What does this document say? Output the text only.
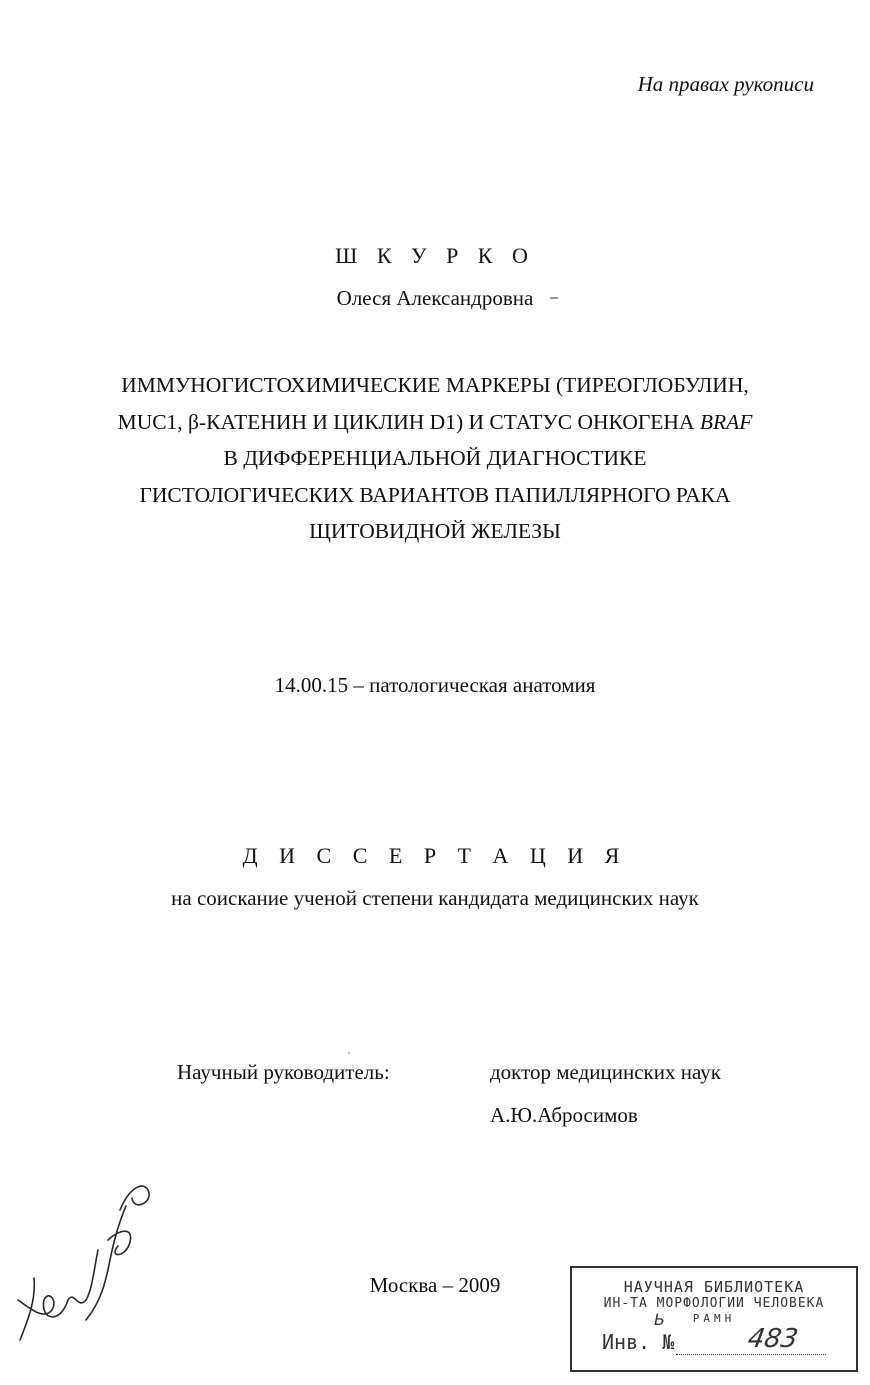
На правах рукописи
Ш К У Р К О
Олеся Александровна
ИММУНОГИСТОХИМИЧЕСКИЕ МАРКЕРЫ (ТИРЕОГЛОБУЛИН,
MUC1, β-КАТЕНИН И ЦИКЛИН D1) И СТАТУС ОНКОГЕНА BRAF
В ДИФФЕРЕНЦИАЛЬНОЙ ДИАГНОСТИКЕ
ГИСТОЛОГИЧЕСКИХ ВАРИАНТОВ ПАПИЛЛЯРНОГО РАКА
ЩИТОВИДНОЙ ЖЕЛЕЗЫ
14.00.15 – патологическая анатомия
Д И С С Е Р Т А Ц И Я
на соискание ученой степени кандидата медицинских наук
Научный руководитель:	доктор медицинских наук
А.Ю.Абросимов
Москва – 2009	НАУЧНАЯ БИБЛИОТЕКА
ИН-ТА МОРФОЛОГИИ ЧЕЛОВЕКА
РАМН
Ь
Инв. №	483
